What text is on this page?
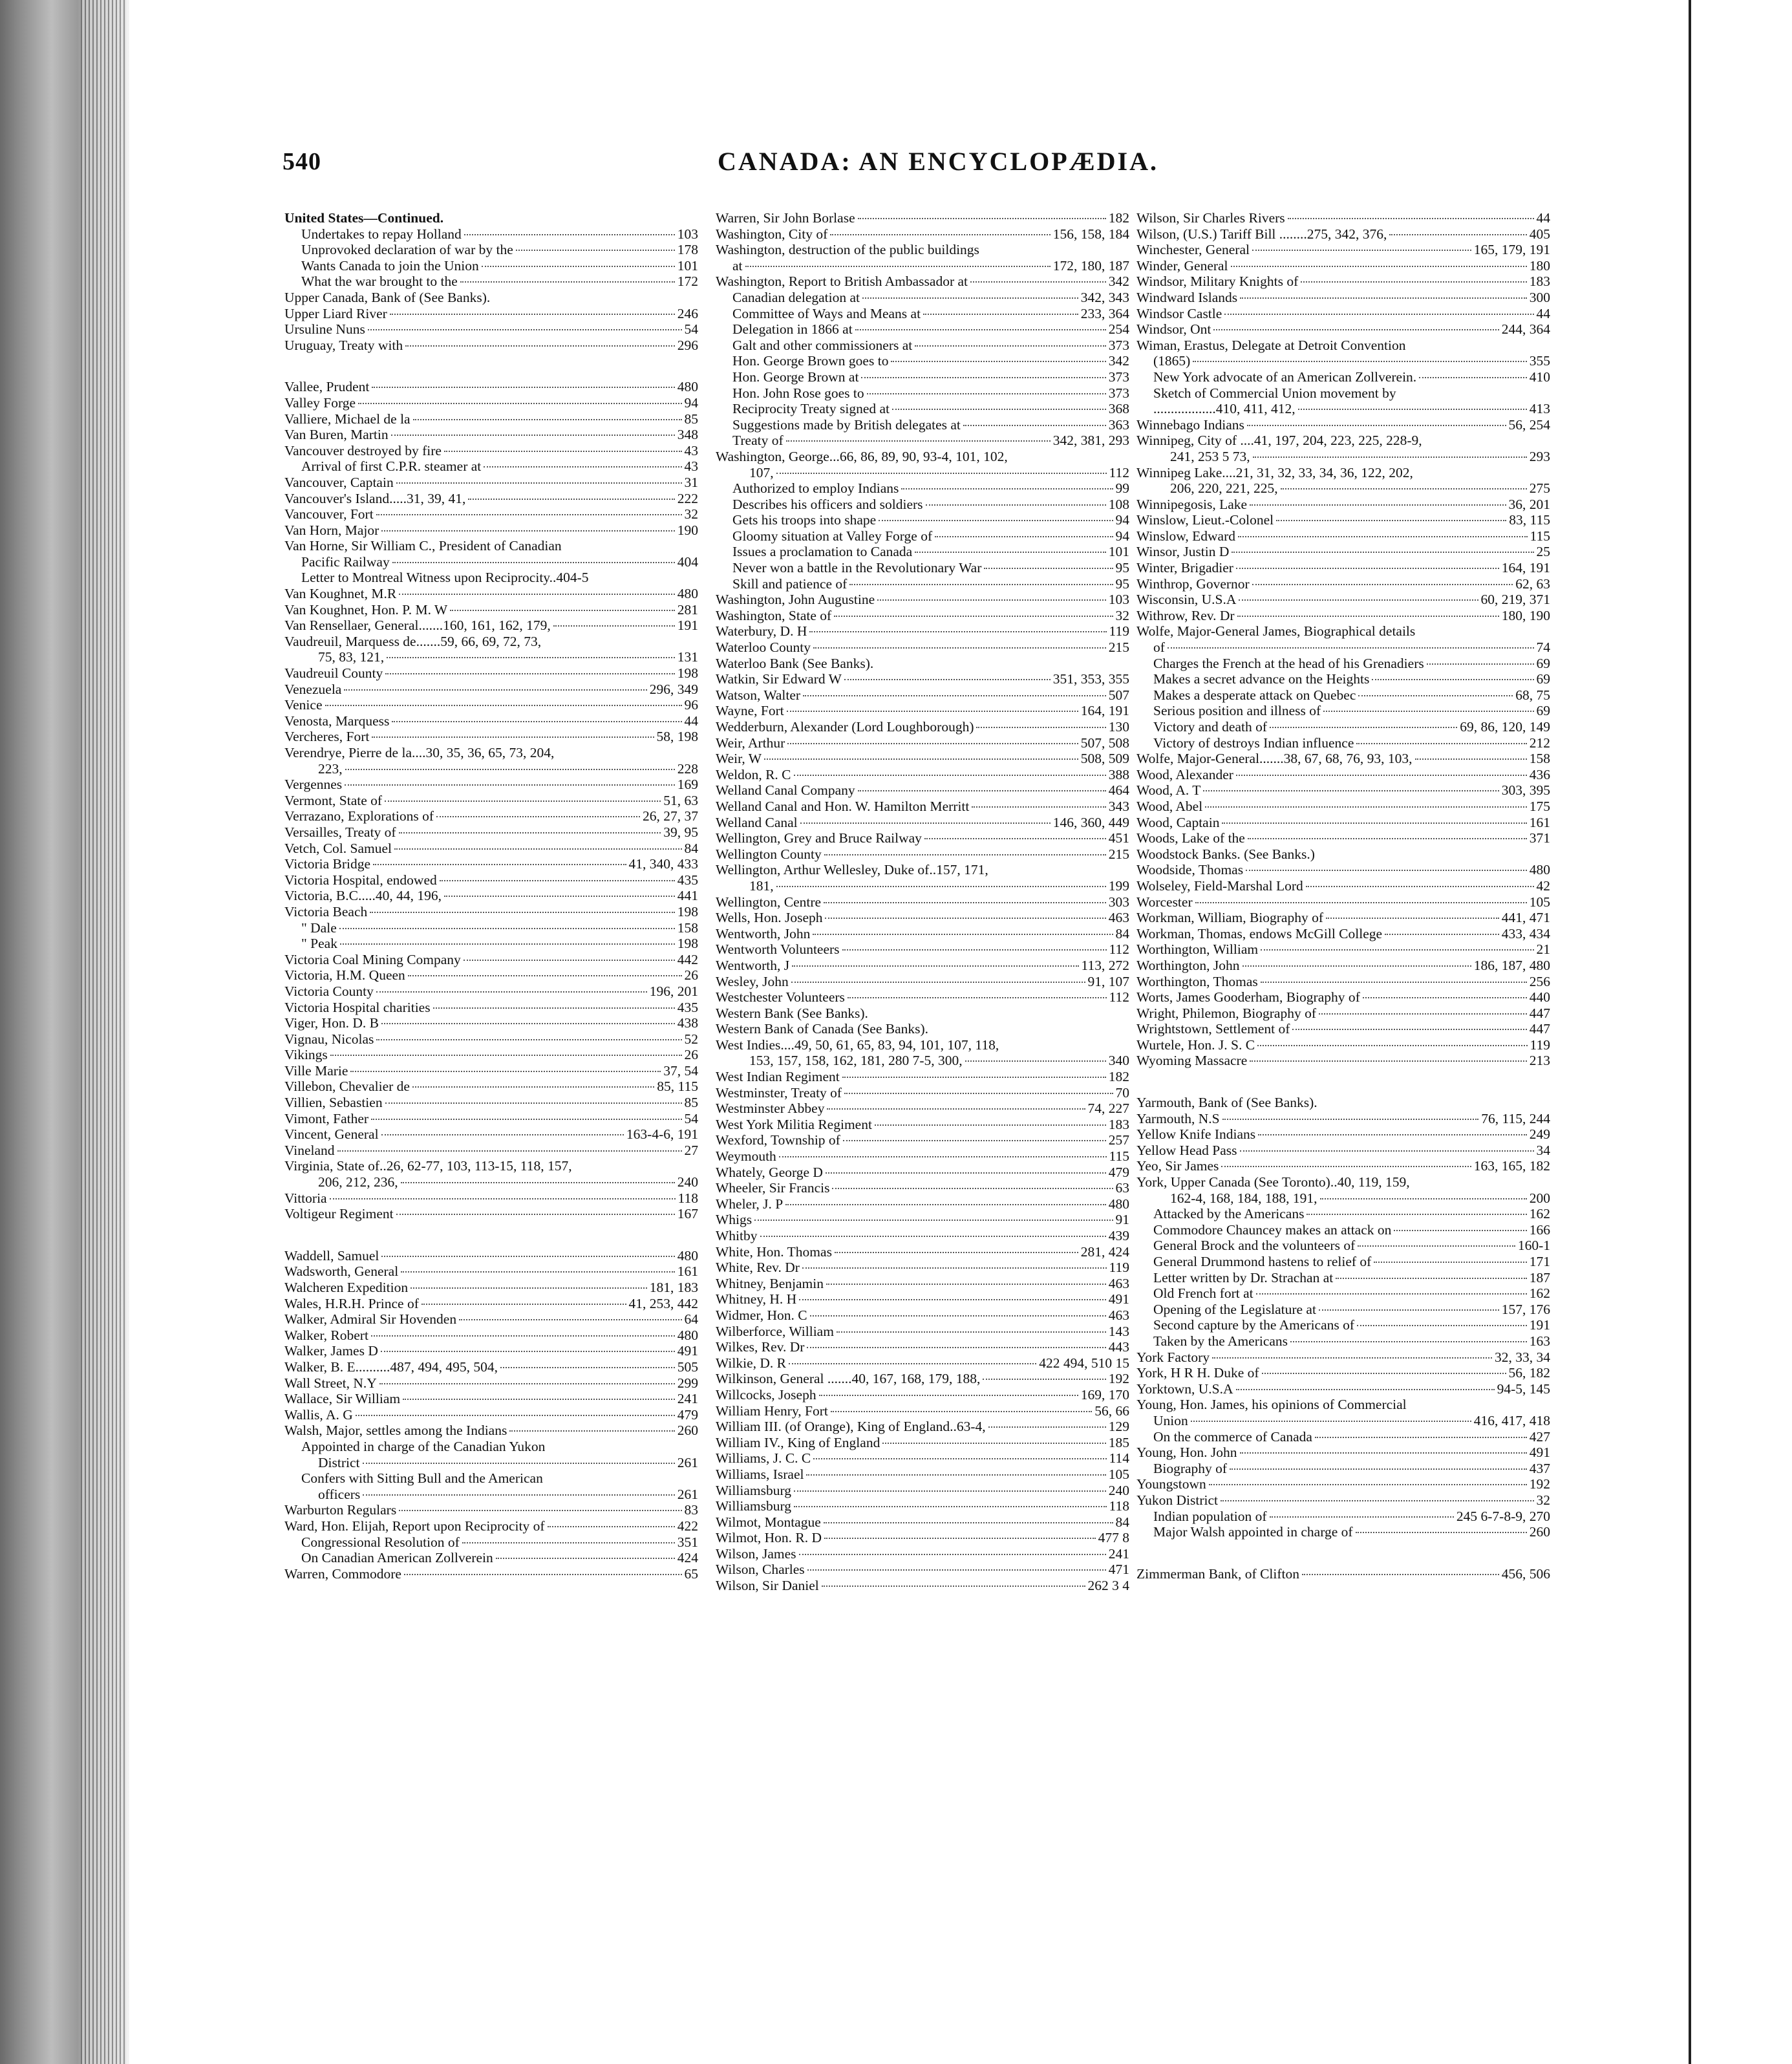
540	CANADA: AN ENCYCLOPÆDIA.
United States—Continued.
Undertakes to repay Holland	103
Unprovoked declaration of war by the	178
Wants Canada to join the Union	101
What the war brought to the	172
Upper Canada, Bank of (See Banks).
Upper Liard River	246
Ursuline Nuns	54
Uruguay, Treaty with	296
Vallee, Prudent	480
Valley Forge	94
Valliere, Michael de la	85
Van Buren, Martin	348
Vancouver destroyed by fire	43
Arrival of first C.P.R. steamer at	43
Vancouver, Captain	31
Vancouver's Island.....31, 39, 41,	222
Vancouver, Fort	32
Van Horn, Major	190
Van Horne, Sir William C., President of Canadian
Pacific Railway	404
Letter to Montreal Witness upon Reciprocity..404-5
Van Koughnet, M.R	480
Van Koughnet, Hon. P. M. W	281
Van Rensellaer, General.......160, 161, 162, 179,	191
Vaudreuil, Marquess de.......59, 66, 69, 72, 73,
75, 83, 121,	131
Vaudreuil County	198
Venezuela	296, 349
Venice	96
Venosta, Marquess	44
Vercheres, Fort	58, 198
Verendrye, Pierre de la....30, 35, 36, 65, 73, 204,
223,	228
Vergennes	169
Vermont, State of	51, 63
Verrazano, Explorations of	26, 27, 37
Versailles, Treaty of	39, 95
Vetch, Col. Samuel	84
Victoria Bridge	41, 340, 433
Victoria Hospital, endowed	435
Victoria, B.C.....40, 44, 196,	441
Victoria Beach	198
" Dale	158
" Peak	198
Victoria Coal Mining Company	442
Victoria, H.M. Queen	26
Victoria County	196, 201
Victoria Hospital charities	435
Viger, Hon. D. B	438
Vignau, Nicolas	52
Vikings	26
Ville Marie	37, 54
Villebon, Chevalier de	85, 115
Villien, Sebastien	85
Vimont, Father	54
Vincent, General	163-4-6, 191
Vineland	27
Virginia, State of..26, 62-77, 103, 113-15, 118, 157,
206, 212, 236,	240
Vittoria	118
Voltigeur Regiment	167
Waddell, Samuel	480
Wadsworth, General	161
Walcheren Expedition	181, 183
Wales, H.R.H. Prince of	41, 253, 442
Walker, Admiral Sir Hovenden	64
Walker, Robert	480
Walker, James D	491
Walker, B. E..........487, 494, 495, 504,	505
Wall Street, N.Y	299
Wallace, Sir William	241
Wallis, A. G	479
Walsh, Major, settles among the Indians	260
Appointed in charge of the Canadian Yukon
District	261
Confers with Sitting Bull and the American
officers	261
Warburton Regulars	83
Ward, Hon. Elijah, Report upon Reciprocity of	422
Congressional Resolution of	351
On Canadian American Zollverein	424
Warren, Commodore	65
Warren, Sir John Borlase	182
Washington, City of	156, 158, 184
Washington, destruction of the public buildings
at	172, 180, 187
Washington, Report to British Ambassador at	342
Canadian delegation at	342, 343
Committee of Ways and Means at	233, 364
Delegation in 1866 at	254
Galt and other commissioners at	373
Hon. George Brown goes to	342
Hon. George Brown at	373
Hon. John Rose goes to	373
Reciprocity Treaty signed at	368
Suggestions made by British delegates at	363
Treaty of	342, 381, 293
Washington, George...66, 86, 89, 90, 93-4, 101, 102,
107,	112
Authorized to employ Indians	99
Describes his officers and soldiers	108
Gets his troops into shape	94
Gloomy situation at Valley Forge of	94
Issues a proclamation to Canada	101
Never won a battle in the Revolutionary War	95
Skill and patience of	95
Washington, John Augustine	103
Washington, State of	32
Waterbury, D. H	119
Waterloo County	215
Waterloo Bank (See Banks).
Watkin, Sir Edward W	351, 353, 355
Watson, Walter	507
Wayne, Fort	164, 191
Wedderburn, Alexander (Lord Loughborough)	130
Weir, Arthur	507, 508
Weir, W	508, 509
Weldon, R. C	388
Welland Canal Company	464
Welland Canal and Hon. W. Hamilton Merritt	343
Welland Canal	146, 360, 449
Wellington, Grey and Bruce Railway	451
Wellington County	215
Wellington, Arthur Wellesley, Duke of..157, 171,
181,	199
Wellington, Centre	303
Wells, Hon. Joseph	463
Wentworth, John	84
Wentworth Volunteers	112
Wentworth, J	113, 272
Wesley, John	91, 107
Westchester Volunteers	112
Western Bank (See Banks).
Western Bank of Canada (See Banks).
West Indies....49, 50, 61, 65, 83, 94, 101, 107, 118,
153, 157, 158, 162, 181, 280 7-5, 300,	340
West Indian Regiment	182
Westminster, Treaty of	70
Westminster Abbey	74, 227
West York Militia Regiment	183
Wexford, Township of	257
Weymouth	115
Whately, George D	479
Wheeler, Sir Francis	63
Wheler, J. P	480
Whigs	91
Whitby	439
White, Hon. Thomas	281, 424
White, Rev. Dr	119
Whitney, Benjamin	463
Whitney, H. H	491
Widmer, Hon. C	463
Wilberforce, William	143
Wilkes, Rev. Dr	443
Wilkie, D. R	422 494, 510 15
Wilkinson, General .......40, 167, 168, 179, 188,	192
Willcocks, Joseph	169, 170
William Henry, Fort	56, 66
William III. (of Orange), King of England..63-4,	129
William IV., King of England	185
Williams, J. C. C	114
Williams, Israel	105
Williamsburg	240
Williamsburg	118
Wilmot, Montague	84
Wilmot, Hon. R. D	477 8
Wilson, James	241
Wilson, Charles	471
Wilson, Sir Daniel	262 3 4
Wilson, Sir Charles Rivers	44
Wilson, (U.S.) Tariff Bill ........275, 342, 376,	405
Winchester, General	165, 179, 191
Winder, General	180
Windsor, Military Knights of	183
Windward Islands	300
Windsor Castle	44
Windsor, Ont	244, 364
Wiman, Erastus, Delegate at Detroit Convention
(1865)	355
New York advocate of an American Zollverein.	410
Sketch of Commercial Union movement by
..................410, 411, 412,	413
Winnebago Indians	56, 254
Winnipeg, City of ....41, 197, 204, 223, 225, 228-9,
241, 253 5 73,	293
Winnipeg Lake....21, 31, 32, 33, 34, 36, 122, 202,
206, 220, 221, 225,	275
Winnipegosis, Lake	36, 201
Winslow, Lieut.-Colonel	83, 115
Winslow, Edward	115
Winsor, Justin D	25
Winter, Brigadier	164, 191
Winthrop, Governor	62, 63
Wisconsin, U.S.A	60, 219, 371
Withrow, Rev. Dr	180, 190
Wolfe, Major-General James, Biographical details
of	74
Charges the French at the head of his Grenadiers	69
Makes a secret advance on the Heights	69
Makes a desperate attack on Quebec	68, 75
Serious position and illness of	69
Victory and death of	69, 86, 120, 149
Victory of destroys Indian influence	212
Wolfe, Major-General.......38, 67, 68, 76, 93, 103,	158
Wood, Alexander	436
Wood, A. T	303, 395
Wood, Abel	175
Wood, Captain	161
Woods, Lake of the	371
Woodstock Banks. (See Banks.)
Woodside, Thomas	480
Wolseley, Field-Marshal Lord	42
Worcester	105
Workman, William, Biography of	441, 471
Workman, Thomas, endows McGill College	433, 434
Worthington, William	21
Worthington, John	186, 187, 480
Worthington, Thomas	256
Worts, James Gooderham, Biography of	440
Wright, Philemon, Biography of	447
Wrightstown, Settlement of	447
Wurtele, Hon. J. S. C	119
Wyoming Massacre	213
Yarmouth, Bank of (See Banks).
Yarmouth, N.S	76, 115, 244
Yellow Knife Indians	249
Yellow Head Pass	34
Yeo, Sir James	163, 165, 182
York, Upper Canada (See Toronto)..40, 119, 159,
162-4, 168, 184, 188, 191,	200
Attacked by the Americans	162
Commodore Chauncey makes an attack on	166
General Brock and the volunteers of	160-1
General Drummond hastens to relief of	171
Letter written by Dr. Strachan at	187
Old French fort at	162
Opening of the Legislature at	157, 176
Second capture by the Americans of	191
Taken by the Americans	163
York Factory	32, 33, 34
York, H R H. Duke of	56, 182
Yorktown, U.S.A	94-5, 145
Young, Hon. James, his opinions of Commercial
Union	416, 417, 418
On the commerce of Canada	427
Young, Hon. John	491
Biography of	437
Youngstown	192
Yukon District	32
Indian population of	245 6-7-8-9, 270
Major Walsh appointed in charge of	260
Zimmerman Bank, of Clifton	456, 506
